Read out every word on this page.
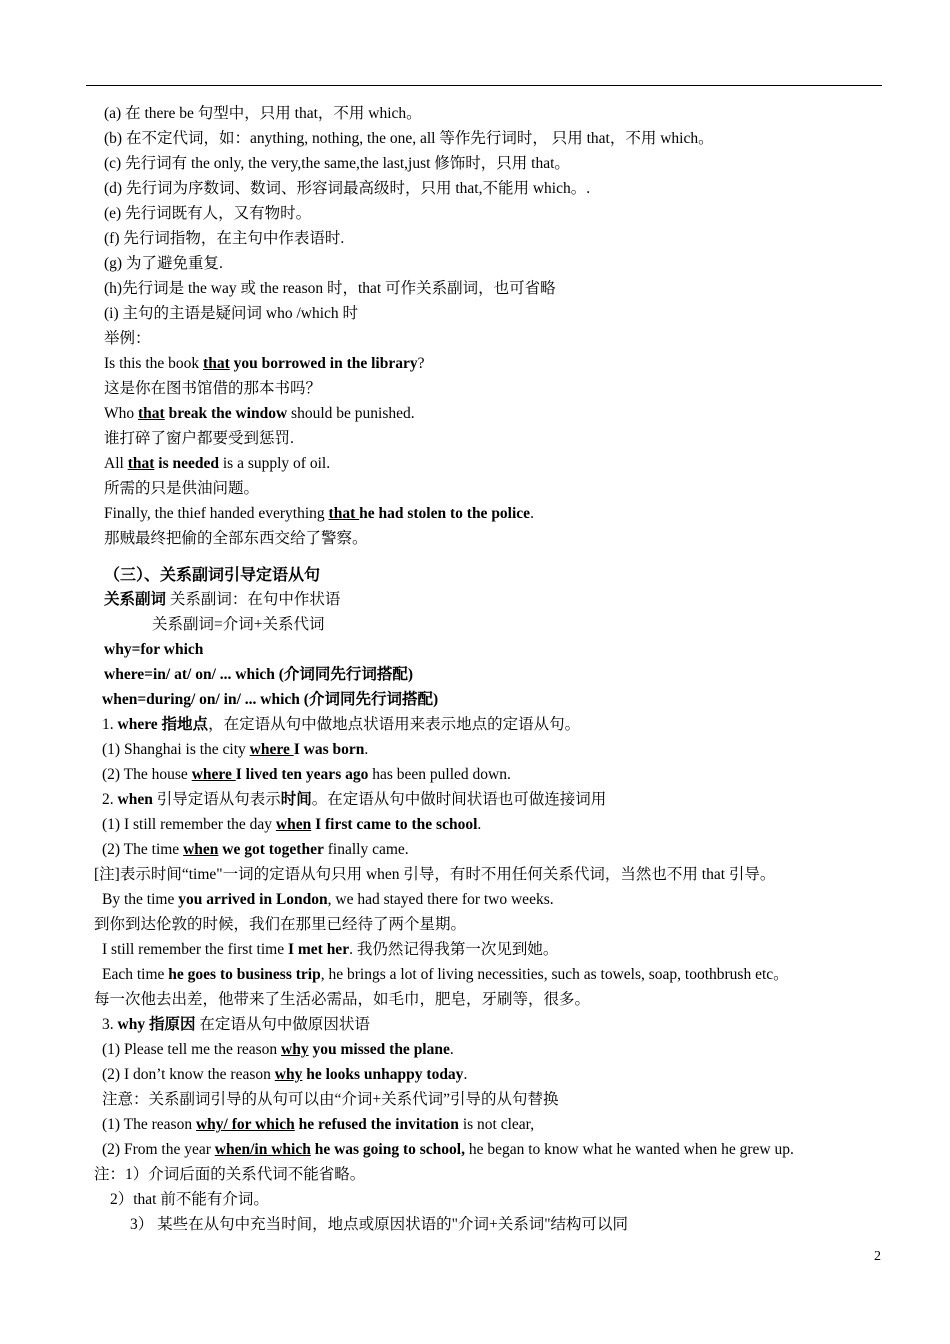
(a) 在 there be 句型中，只用 that，不用 which。
(b) 在不定代词，如：anything, nothing, the one, all 等作先行词时， 只用 that，不用 which。
(c) 先行词有 the only, the very,the same,the last,just 修饰时，只用 that。
(d) 先行词为序数词、数词、形容词最高级时，只用 that,不能用 which。.
(e) 先行词既有人，又有物时。
(f) 先行词指物，在主句中作表语时.
(g) 为了避免重复.
(h)先行词是 the way 或 the reason 时，that 可作关系副词，也可省略
(i) 主句的主语是疑问词 who /which 时
举例：
Is this the book that you borrowed in the library?
这是你在图书馆借的那本书吗？
Who that break the window should be punished.
谁打碎了窗户都要受到惩罚.
All that is needed is a supply of oil.
所需的只是供油问题。
Finally, the thief handed everything that he had stolen to the police.
那贼最终把偷的全部东西交给了警察。
（三）、关系副词引导定语从句
关系副词 关系副词：在句中作状语
关系副词=介词+关系代词
why=for which
where=in/ at/ on/ ... which (介词同先行词搭配)
when=during/ on/ in/ ... which (介词同先行词搭配)
1. where 指地点，在定语从句中做地点状语用来表示地点的定语从句。
(1) Shanghai is the city where I was born.
(2) The house where I lived ten years ago has been pulled down.
2. when 引导定语从句表示时间。在定语从句中做时间状语也可做连接词用
(1) I still remember the day when I first came to the school.
(2) The time when we got together finally came.
[注]表示时间“time"一词的定语从句只用 when 引导，有时不用任何关系代词，当然也不用 that 引导。
By the time you arrived in London, we had stayed there for two weeks.
到你到达伦敦的时候，我们在那里已经待了两个星期。
I still remember the first time I met her. 我仍然记得我第一次见到她。
Each time he goes to business trip, he brings a lot of living necessities, such as towels, soap, toothbrush etc。
每一次他去出差，他带来了生活必需品，如毛巾，肥皂，牙刷等，很多。
3. why 指原因 在定语从句中做原因状语
(1) Please tell me the reason why you missed the plane.
(2) I don’t know the reason why he looks unhappy today.
注意：关系副词引导的从句可以由“介词+关系代词”引导的从句替换
(1) The reason why/ for which he refused the invitation is not clear,
(2) From the year when/in which he was going to school, he began to know what he wanted when he grew up.
注：1）介词后面的关系代词不能省略。
2）that 前不能有介词。
3） 某些在从句中充当时间，地点或原因状语的"介词+关系词"结构可以同
2
